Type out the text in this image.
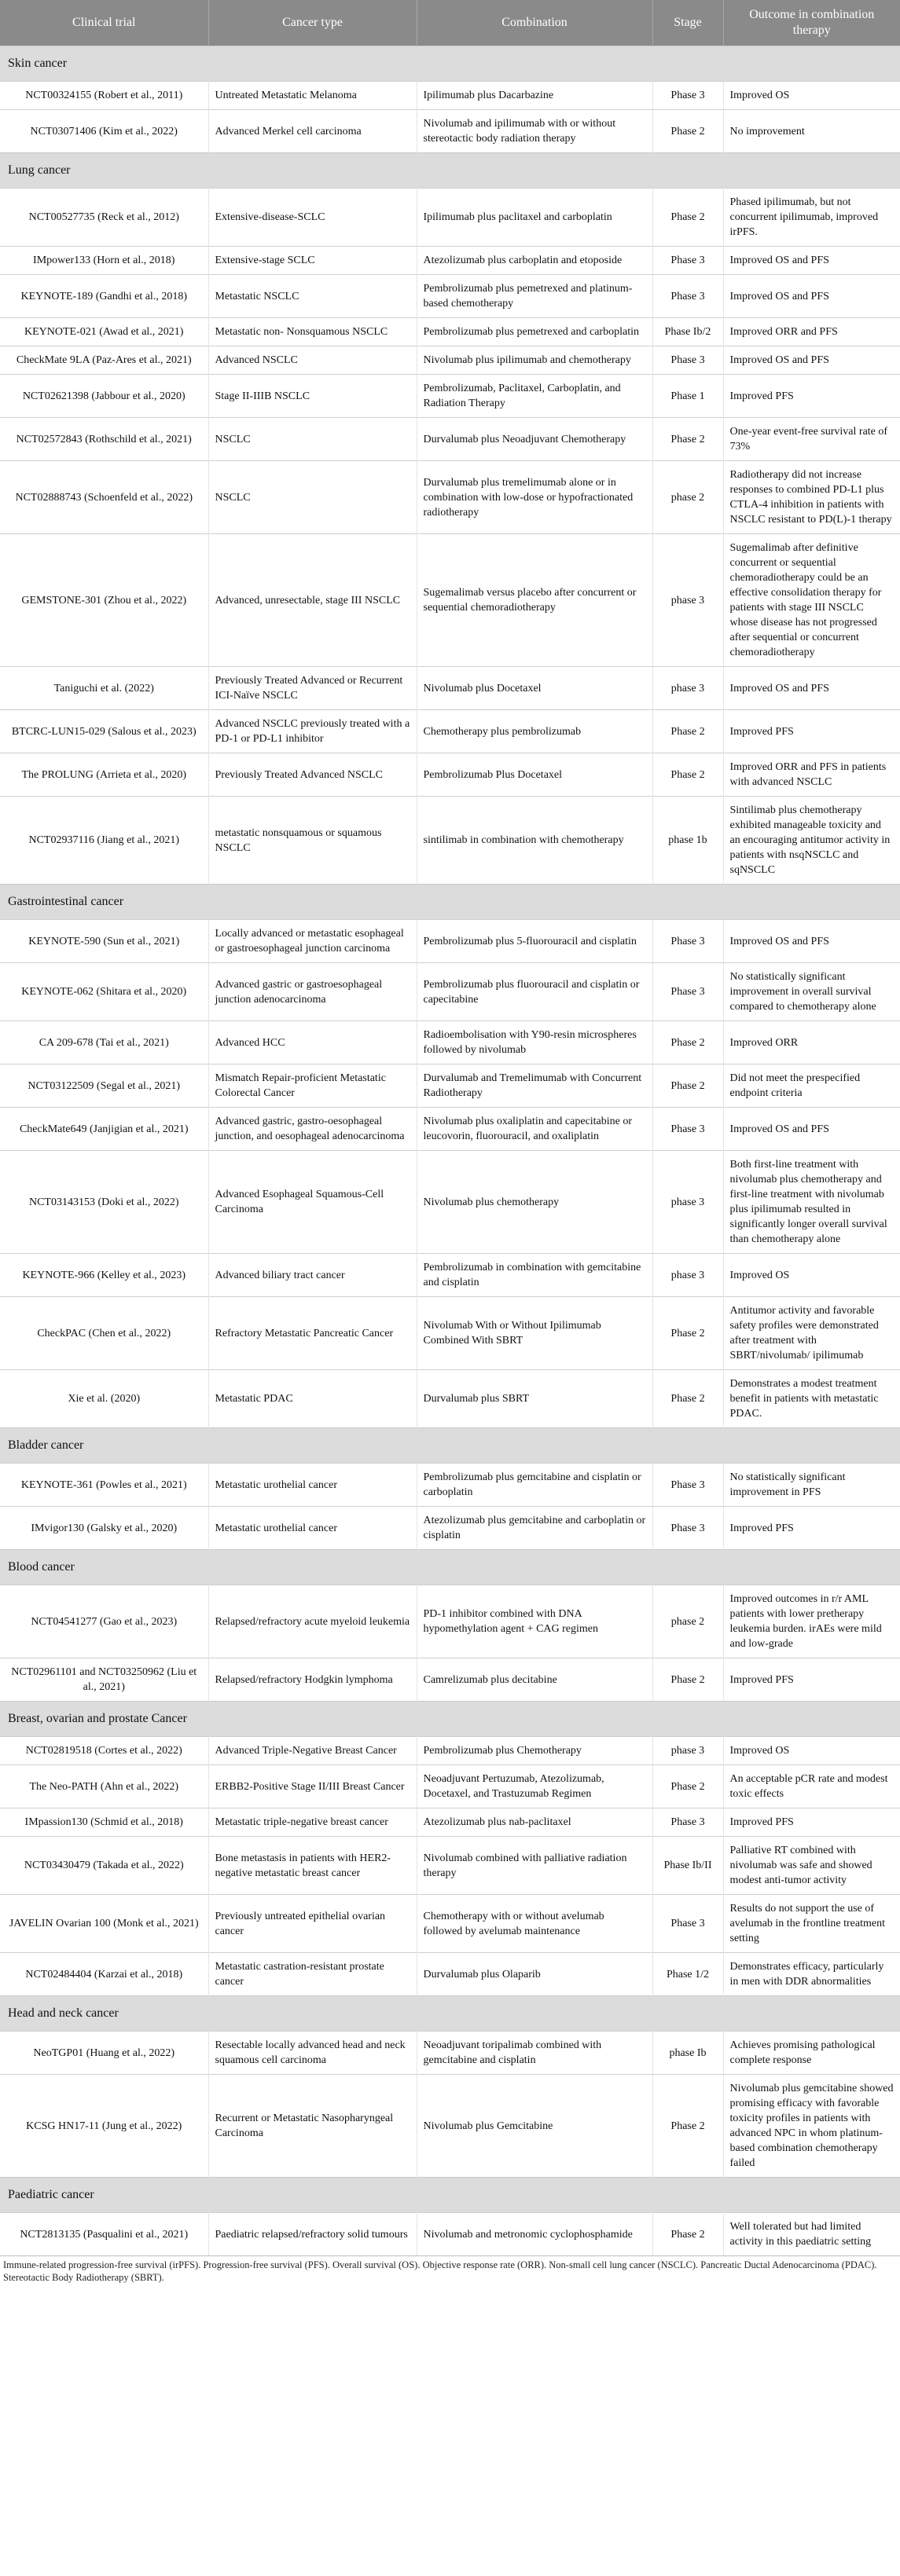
Clinical trial	Cancer type	Combination	Stage	Outcome in combination therapy
Skin cancer				
NCT00324155 (Robert et al., 2011)	Untreated Metastatic Melanoma	Ipilimumab plus Dacarbazine	Phase 3	Improved OS
NCT03071406 (Kim et al., 2022)	Advanced Merkel cell carcinoma	Nivolumab and ipilimumab with or without stereotactic body radiation therapy	Phase 2	No improvement
Lung cancer				
NCT00527735 (Reck et al., 2012)	Extensive-disease-SCLC	Ipilimumab plus paclitaxel and carboplatin	Phase 2	Phased ipilimumab, but not concurrent ipilimumab, improved irPFS.
IMpower133 (Horn et al., 2018)	Extensive-stage SCLC	Atezolizumab plus carboplatin and etoposide	Phase 3	Improved OS and PFS
KEYNOTE-189 (Gandhi et al., 2018)	Metastatic NSCLC	Pembrolizumab plus pemetrexed and platinum-based chemotherapy	Phase 3	Improved OS and PFS
KEYNOTE-021 (Awad et al., 2021)	Metastatic non- Nonsquamous NSCLC	Pembrolizumab plus pemetrexed and carboplatin	Phase Ib/2	Improved ORR and PFS
CheckMate 9LA (Paz-Ares et al., 2021)	Advanced NSCLC	Nivolumab plus ipilimumab and chemotherapy	Phase 3	Improved OS and PFS
NCT02621398 (Jabbour et al., 2020)	Stage II-IIIB NSCLC	Pembrolizumab, Paclitaxel, Carboplatin, and Radiation Therapy	Phase 1	Improved PFS
NCT02572843 (Rothschild et al., 2021)	NSCLC	Durvalumab plus Neoadjuvant Chemotherapy	Phase 2	One-year event-free survival rate of 73%
NCT02888743 (Schoenfeld et al., 2022)	NSCLC	Durvalumab plus tremelimumab alone or in combination with low-dose or hypofractionated radiotherapy	phase 2	Radiotherapy did not increase responses to combined PD-L1 plus CTLA-4 inhibition in patients with NSCLC resistant to PD(L)-1 therapy
GEMSTONE-301 (Zhou et al., 2022)	Advanced, unresectable, stage III NSCLC	Sugemalimab versus placebo after concurrent or sequential chemoradiotherapy	phase 3	Sugemalimab after definitive concurrent or sequential chemoradiotherapy could be an effective consolidation therapy for patients with stage III NSCLC whose disease has not progressed after sequential or concurrent chemoradiotherapy
Taniguchi et al. (2022)	Previously Treated Advanced or Recurrent ICI-Naïve NSCLC	Nivolumab plus Docetaxel	phase 3	Improved OS and PFS
BTCRC-LUN15-029 (Salous et al., 2023)	Advanced NSCLC previously treated with a PD-1 or PD-L1 inhibitor	Chemotherapy plus pembrolizumab	Phase 2	Improved PFS
The PROLUNG (Arrieta et al., 2020)	Previously Treated Advanced NSCLC	Pembrolizumab Plus Docetaxel	Phase 2	Improved ORR and PFS in patients with advanced NSCLC
NCT02937116 (Jiang et al., 2021)	metastatic nonsquamous or squamous NSCLC	sintilimab in combination with chemotherapy	phase 1b	Sintilimab plus chemotherapy exhibited manageable toxicity and an encouraging antitumor activity in patients with nsqNSCLC and sqNSCLC
Gastrointestinal cancer				
KEYNOTE-590 (Sun et al., 2021)	Locally advanced or metastatic esophageal or gastroesophageal junction carcinoma	Pembrolizumab plus 5-fluorouracil and cisplatin	Phase 3	Improved OS and PFS
KEYNOTE-062 (Shitara et al., 2020)	Advanced gastric or gastroesophageal junction adenocarcinoma	Pembrolizumab plus fluorouracil and cisplatin or capecitabine	Phase 3	No statistically significant improvement in overall survival compared to chemotherapy alone
CA 209-678 (Tai et al., 2021)	Advanced HCC	Radioembolisation with Y90-resin microspheres followed by nivolumab	Phase 2	Improved ORR
NCT03122509 (Segal et al., 2021)	Mismatch Repair-proficient Metastatic Colorectal Cancer	Durvalumab and Tremelimumab with Concurrent Radiotherapy	Phase 2	Did not meet the prespecified endpoint criteria
CheckMate649 (Janjigian et al., 2021)	Advanced gastric, gastro-oesophageal junction, and oesophageal adenocarcinoma	Nivolumab plus oxaliplatin and capecitabine or leucovorin, fluorouracil, and oxaliplatin	Phase 3	Improved OS and PFS
NCT03143153 (Doki et al., 2022)	Advanced Esophageal Squamous-Cell Carcinoma	Nivolumab plus chemotherapy	phase 3	Both first-line treatment with nivolumab plus chemotherapy and first-line treatment with nivolumab plus ipilimumab resulted in significantly longer overall survival than chemotherapy alone
KEYNOTE-966 (Kelley et al., 2023)	Advanced biliary tract cancer	Pembrolizumab in combination with gemcitabine and cisplatin	phase 3	Improved OS
CheckPAC (Chen et al., 2022)	Refractory Metastatic Pancreatic Cancer	Nivolumab With or Without Ipilimumab Combined With SBRT	Phase 2	Antitumor activity and favorable safety profiles were demonstrated after treatment with SBRT/nivolumab/ ipilimumab
Xie et al. (2020)	Metastatic PDAC	Durvalumab plus SBRT	Phase 2	Demonstrates a modest treatment benefit in patients with metastatic PDAC.
Bladder cancer				
KEYNOTE-361 (Powles et al., 2021)	Metastatic urothelial cancer	Pembrolizumab plus gemcitabine and cisplatin or carboplatin	Phase 3	No statistically significant improvement in PFS
IMvigor130 (Galsky et al., 2020)	Metastatic urothelial cancer	Atezolizumab plus gemcitabine and carboplatin or cisplatin	Phase 3	Improved PFS
Blood cancer				
NCT04541277 (Gao et al., 2023)	Relapsed/refractory acute myeloid leukemia	PD-1 inhibitor combined with DNA hypomethylation agent + CAG regimen	phase 2	Improved outcomes in r/r AML patients with lower pretherapy leukemia burden. irAEs were mild and low-grade
NCT02961101 and NCT03250962 (Liu et al., 2021)	Relapsed/refractory Hodgkin lymphoma	Camrelizumab plus decitabine	Phase 2	Improved PFS
Breast, ovarian and prostate Cancer				
NCT02819518 (Cortes et al., 2022)	Advanced Triple-Negative Breast Cancer	Pembrolizumab plus Chemotherapy	phase 3	Improved OS
The Neo-PATH (Ahn et al., 2022)	ERBB2-Positive Stage II/III Breast Cancer	Neoadjuvant Pertuzumab, Atezolizumab, Docetaxel, and Trastuzumab Regimen	Phase 2	An acceptable pCR rate and modest toxic effects
IMpassion130 (Schmid et al., 2018)	Metastatic triple-negative breast cancer	Atezolizumab plus nab-paclitaxel	Phase 3	Improved PFS
NCT03430479 (Takada et al., 2022)	Bone metastasis in patients with HER2-negative metastatic breast cancer	Nivolumab combined with palliative radiation therapy	Phase Ib/II	Palliative RT combined with nivolumab was safe and showed modest anti-tumor activity
JAVELIN Ovarian 100 (Monk et al., 2021)	Previously untreated epithelial ovarian cancer	Chemotherapy with or without avelumab followed by avelumab maintenance	Phase 3	Results do not support the use of avelumab in the frontline treatment setting
NCT02484404 (Karzai et al., 2018)	Metastatic castration-resistant prostate cancer	Durvalumab plus Olaparib	Phase 1/2	Demonstrates efficacy, particularly in men with DDR abnormalities
Head and neck cancer				
NeoTGP01 (Huang et al., 2022)	Resectable locally advanced head and neck squamous cell carcinoma	Neoadjuvant toripalimab combined with gemcitabine and cisplatin	phase Ib	Achieves promising pathological complete response
KCSG HN17-11 (Jung et al., 2022)	Recurrent or Metastatic Nasopharyngeal Carcinoma	Nivolumab plus Gemcitabine	Phase 2	Nivolumab plus gemcitabine showed promising efficacy with favorable toxicity profiles in patients with advanced NPC in whom platinum-based combination chemotherapy failed
Paediatric cancer				
NCT2813135 (Pasqualini et al., 2021)	Paediatric relapsed/refractory solid tumours	Nivolumab and metronomic cyclophosphamide	Phase 2	Well tolerated but had limited activity in this paediatric setting
Immune-related progression-free survival (irPFS). Progression-free survival (PFS). Overall survival (OS). Objective response rate (ORR). Non-small cell lung cancer (NSCLC). Pancreatic Ductal Adenocarcinoma (PDAC). Stereotactic Body Radiotherapy (SBRT).
